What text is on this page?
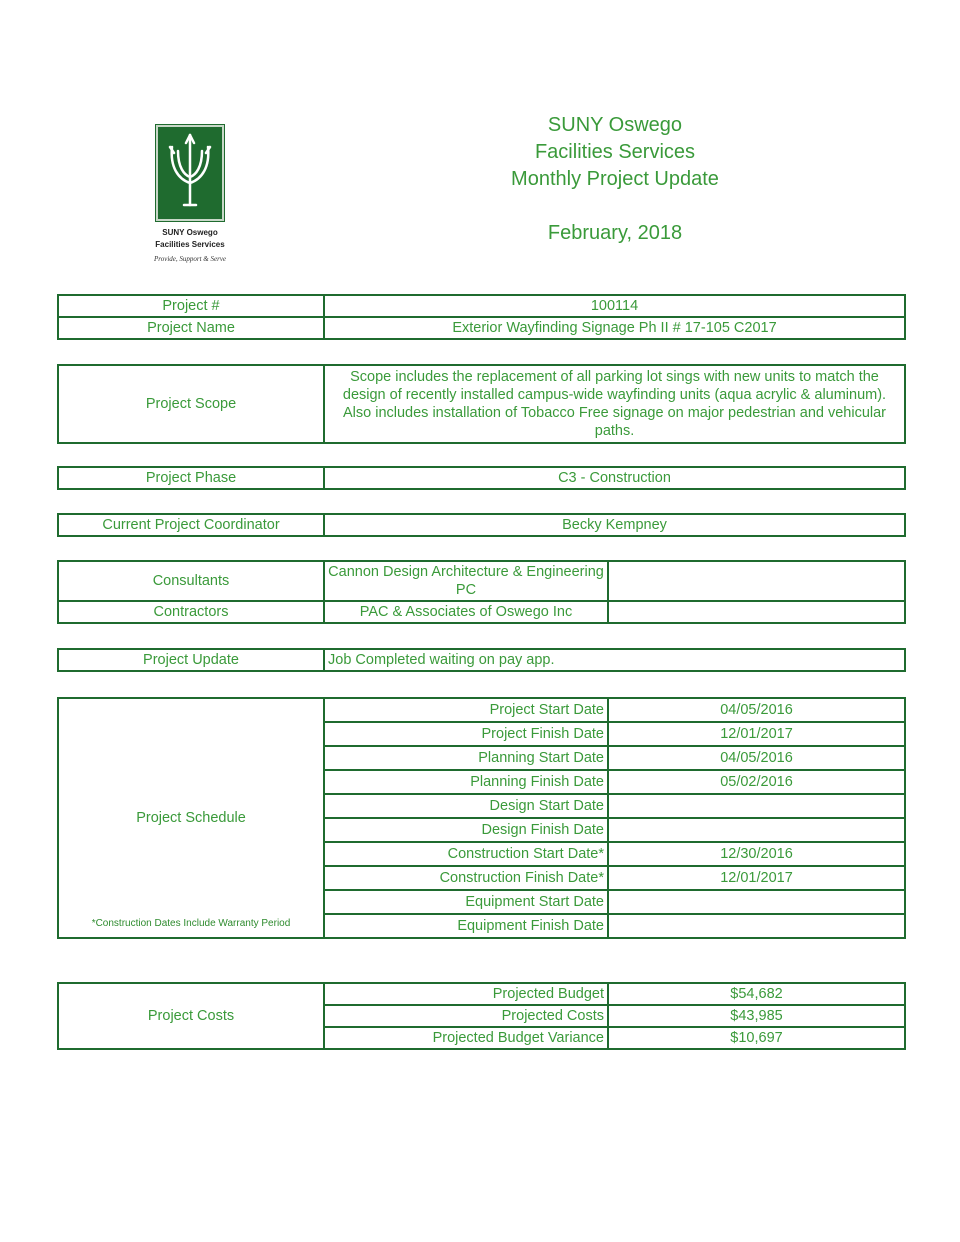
SUNY Oswego
Facilities Services
Provide, Support & Serve
SUNY Oswego
Facilities Services
Monthly Project Update
February, 2018
Project #	100114
Project Name	Exterior Wayfinding Signage Ph II # 17-105 C2017
Project Scope	Scope includes the replacement of all parking lot sings with new units to match the design of recently installed campus-wide wayfinding units (aqua acrylic & aluminum). Also includes installation of Tobacco Free signage on major pedestrian and vehicular paths.
Project Phase	C3 - Construction
Current Project Coordinator	Becky Kempney
Consultants	Cannon Design Architecture & Engineering PC	
Contractors	PAC & Associates of Oswego Inc	
Project Update	Job Completed waiting on pay app.
Project Schedule
*Construction Dates Include Warranty Period	Project Start Date	04/05/2016
	Project Finish Date	12/01/2017
	Planning Start Date	04/05/2016
	Planning Finish Date	05/02/2016
	Design Start Date	
	Design Finish Date	
	Construction Start Date*	12/30/2016
	Construction Finish Date*	12/01/2017
	Equipment Start Date	
	Equipment Finish Date	
Project Costs	Projected Budget	$54,682
	Projected Costs	$43,985
	Projected Budget Variance	$10,697
